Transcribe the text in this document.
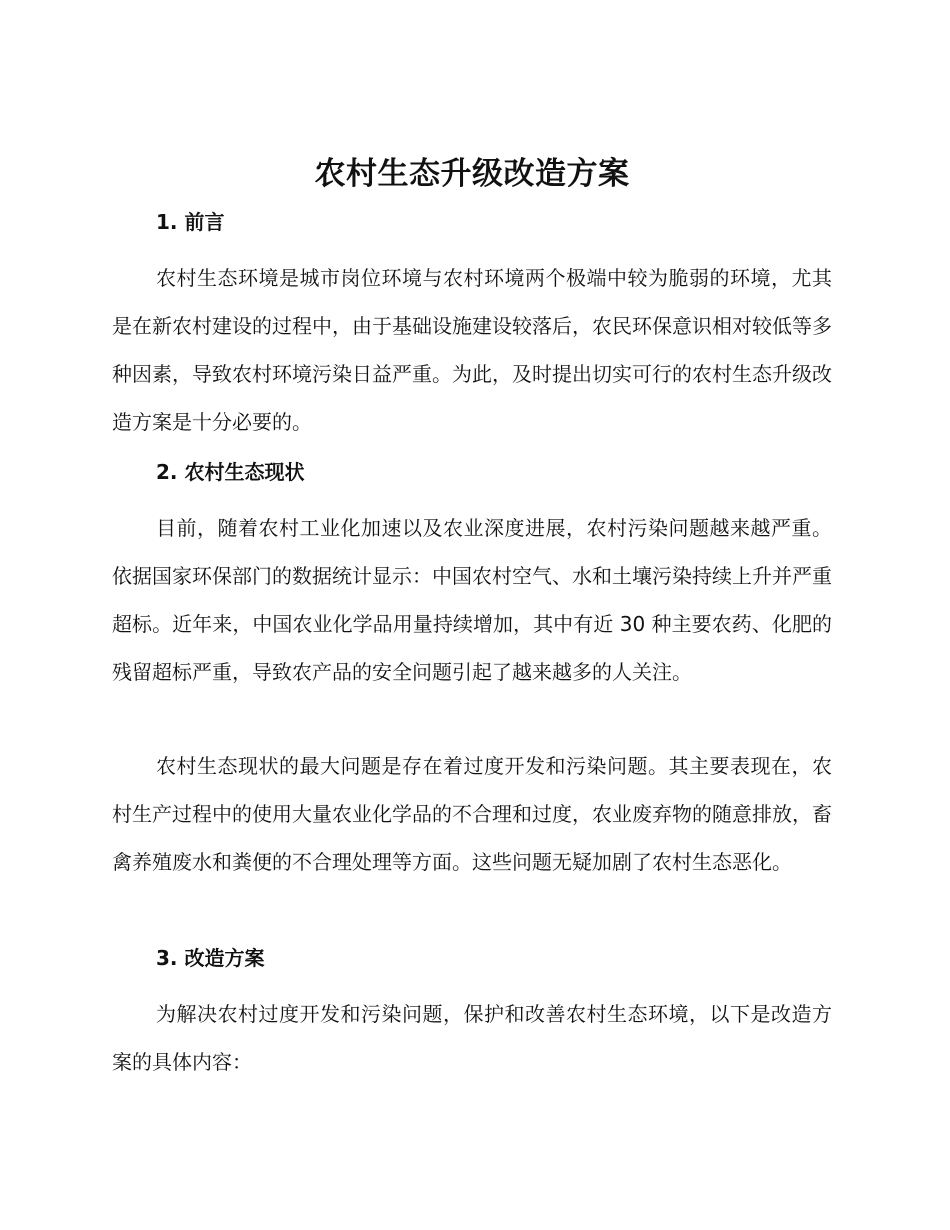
农村生态升级改造方案
1. 前言

农村生态环境是城市岗位环境与农村环境两个极端中较为脆弱的环境，尤其是在新农村建设的过程中，由于基础设施建设较落后，农民环保意识相对较低等多种因素，导致农村环境污染日益严重。为此，及时提出切实可行的农村生态升级改造方案是十分必要的。

2. 农村生态现状

目前，随着农村工业化加速以及农业深度进展，农村污染问题越来越严重。依据国家环保部门的数据统计显示：中国农村空气、水和土壤污染持续上升并严重超标。近年来，中国农业化学品用量持续增加，其中有近 30 种主要农药、化肥的残留超标严重，导致农产品的安全问题引起了越来越多的人关注。

农村生态现状的最大问题是存在着过度开发和污染问题。其主要表现在，农村生产过程中的使用大量农业化学品的不合理和过度，农业废弃物的随意排放，畜禽养殖废水和粪便的不合理处理等方面。这些问题无疑加剧了农村生态恶化。

3. 改造方案

为解决农村过度开发和污染问题，保护和改善农村生态环境，以下是改造方案的具体内容：
